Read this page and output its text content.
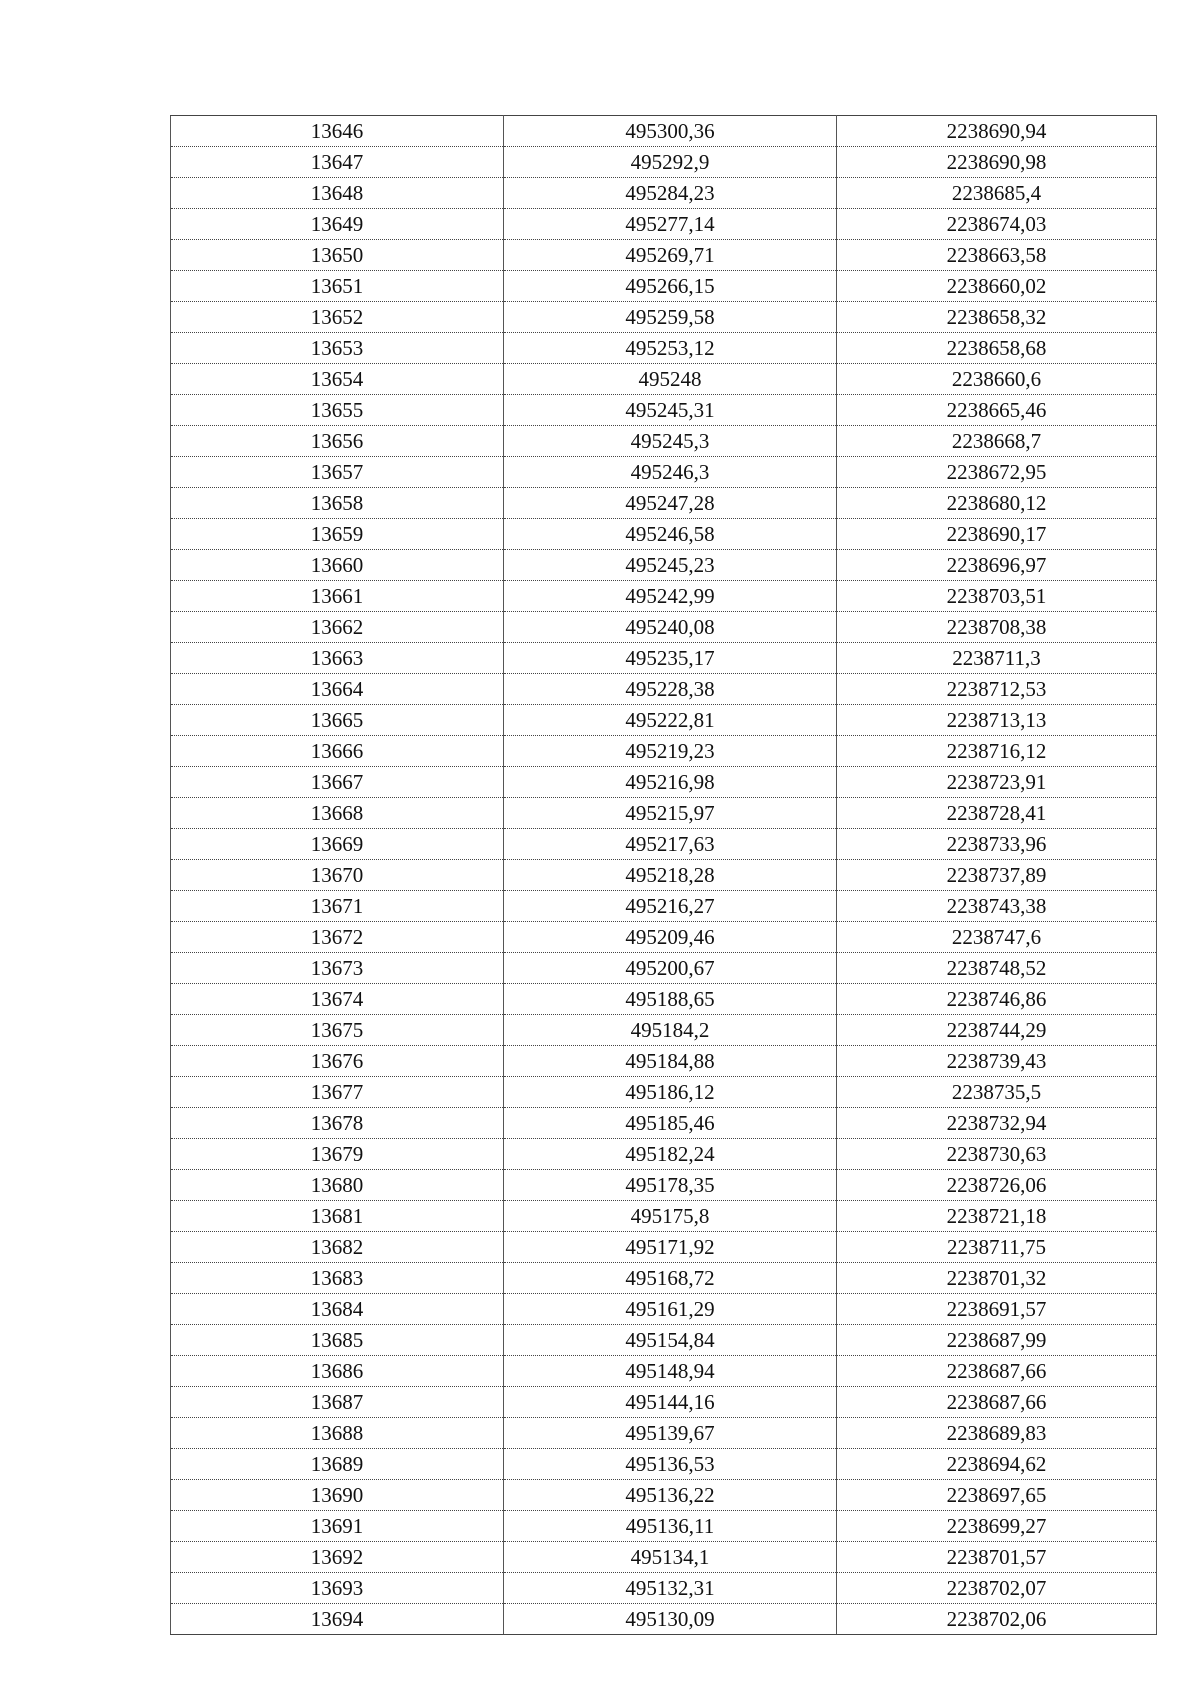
13646	495300,36	2238690,94
13647	495292,9	2238690,98
13648	495284,23	2238685,4
13649	495277,14	2238674,03
13650	495269,71	2238663,58
13651	495266,15	2238660,02
13652	495259,58	2238658,32
13653	495253,12	2238658,68
13654	495248	2238660,6
13655	495245,31	2238665,46
13656	495245,3	2238668,7
13657	495246,3	2238672,95
13658	495247,28	2238680,12
13659	495246,58	2238690,17
13660	495245,23	2238696,97
13661	495242,99	2238703,51
13662	495240,08	2238708,38
13663	495235,17	2238711,3
13664	495228,38	2238712,53
13665	495222,81	2238713,13
13666	495219,23	2238716,12
13667	495216,98	2238723,91
13668	495215,97	2238728,41
13669	495217,63	2238733,96
13670	495218,28	2238737,89
13671	495216,27	2238743,38
13672	495209,46	2238747,6
13673	495200,67	2238748,52
13674	495188,65	2238746,86
13675	495184,2	2238744,29
13676	495184,88	2238739,43
13677	495186,12	2238735,5
13678	495185,46	2238732,94
13679	495182,24	2238730,63
13680	495178,35	2238726,06
13681	495175,8	2238721,18
13682	495171,92	2238711,75
13683	495168,72	2238701,32
13684	495161,29	2238691,57
13685	495154,84	2238687,99
13686	495148,94	2238687,66
13687	495144,16	2238687,66
13688	495139,67	2238689,83
13689	495136,53	2238694,62
13690	495136,22	2238697,65
13691	495136,11	2238699,27
13692	495134,1	2238701,57
13693	495132,31	2238702,07
13694	495130,09	2238702,06
